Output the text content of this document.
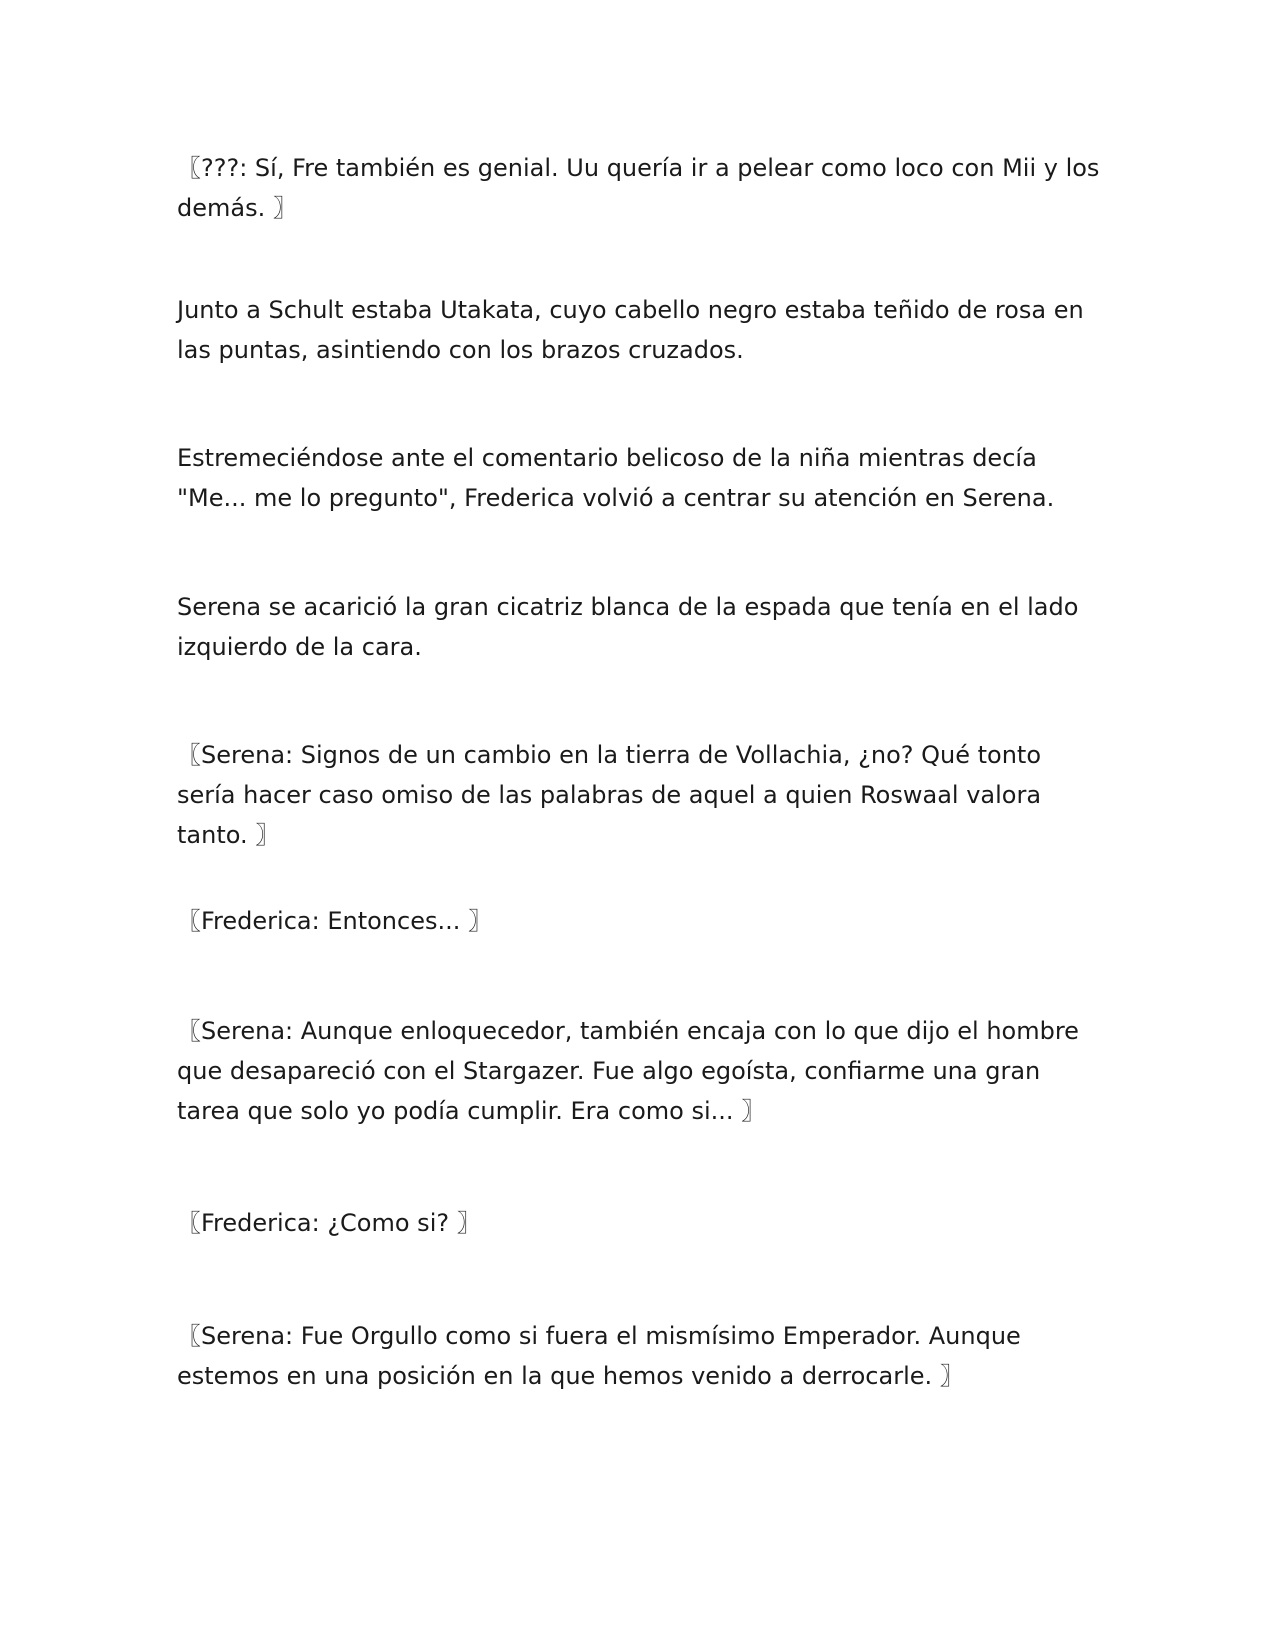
〖???: Sí, Fre también es genial. Uu quería ir a pelear como loco con Mii y los demás. 〗

Junto a Schult estaba Utakata, cuyo cabello negro estaba teñido de rosa en las puntas, asintiendo con los brazos cruzados.

Estremeciéndose ante el comentario belicoso de la niña mientras decía "Me... me lo pregunto", Frederica volvió a centrar su atención en Serena.

Serena se acarició la gran cicatriz blanca de la espada que tenía en el lado izquierdo de la cara.

〖Serena: Signos de un cambio en la tierra de Vollachia, ¿no? Qué tonto sería hacer caso omiso de las palabras de aquel a quien Roswaal valora tanto. 〗

〖Frederica: Entonces... 〗

〖Serena: Aunque enloquecedor, también encaja con lo que dijo el hombre que desapareció con el Stargazer. Fue algo egoísta, confiarme una gran tarea que solo yo podía cumplir. Era como si... 〗

〖Frederica: ¿Como si? 〗

〖Serena: Fue Orgullo como si fuera el mismísimo Emperador. Aunque estemos en una posición en la que hemos venido a derrocarle. 〗
